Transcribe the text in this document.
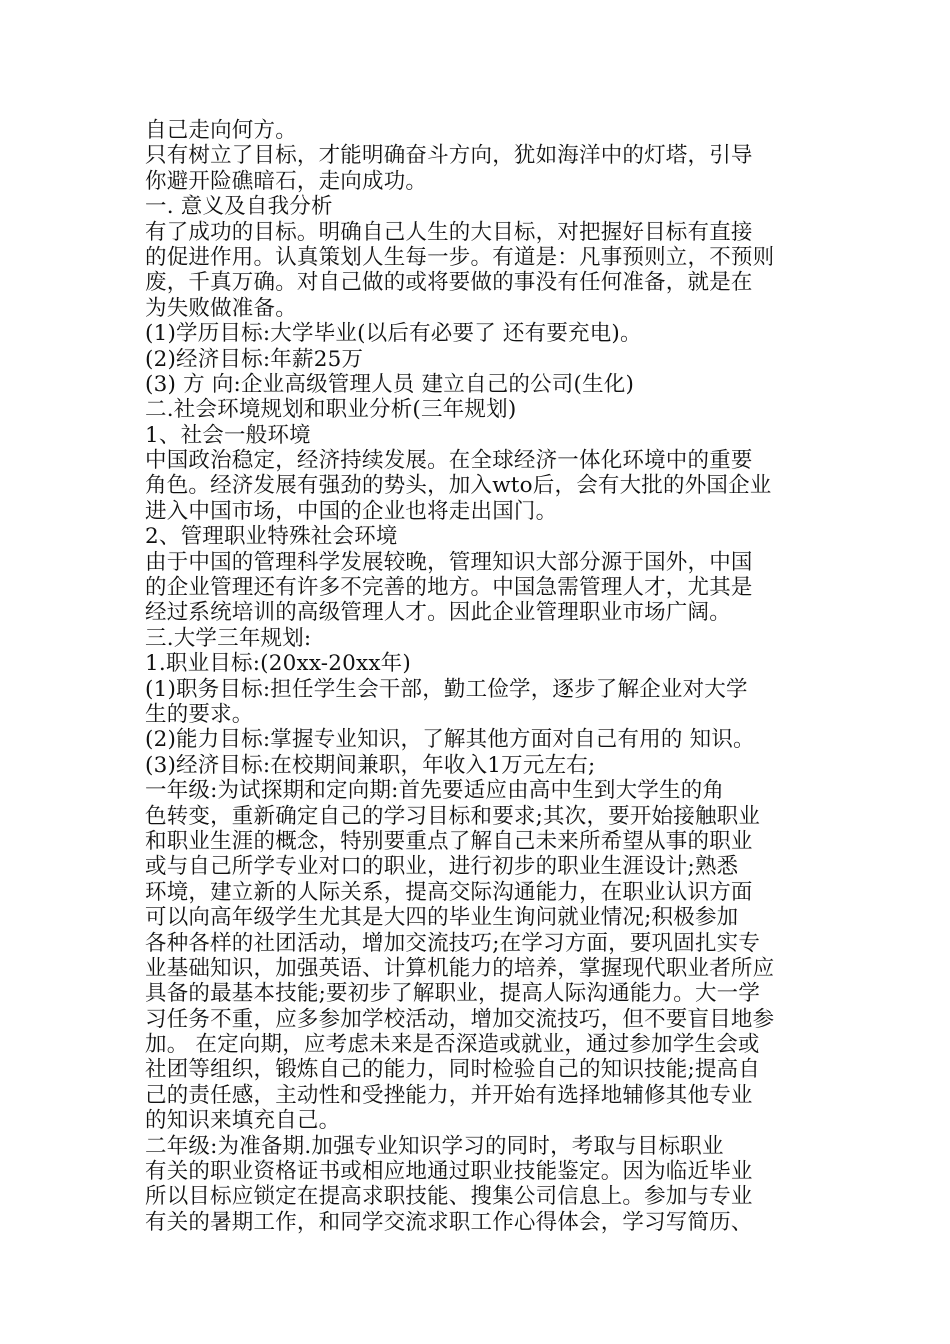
自己走向何方。
只有树立了目标，才能明确奋斗方向，犹如海洋中的灯塔，引导
你避开险礁暗石，走向成功。
一. 意义及自我分析
有了成功的目标。明确自己人生的大目标，对把握好目标有直接
的促进作用。认真策划人生每一步。有道是：凡事预则立，不预则
废，千真万确。对自己做的或将要做的事没有任何准备，就是在
为失败做准备。
(1)学历目标:大学毕业(以后有必要了 还有要充电)。
(2)经济目标:年薪25万
(3) 方 向:企业高级管理人员 建立自己的公司(生化)
二.社会环境规划和职业分析(三年规划)
1、社会一般环境
中国政治稳定，经济持续发展。在全球经济一体化环境中的重要
角色。经济发展有强劲的势头，加入wto后，会有大批的外国企业
进入中国市场，中国的企业也将走出国门。
2、管理职业特殊社会环境
由于中国的管理科学发展较晚，管理知识大部分源于国外，中国
的企业管理还有许多不完善的地方。中国急需管理人才，尤其是
经过系统培训的高级管理人才。因此企业管理职业市场广阔。
三.大学三年规划:
1.职业目标:(20xx-20xx年)
(1)职务目标:担任学生会干部，勤工俭学，逐步了解企业对大学
生的要求。
(2)能力目标:掌握专业知识，了解其他方面对自己有用的 知识。
(3)经济目标:在校期间兼职，年收入1万元左右;
一年级:为试探期和定向期:首先要适应由高中生到大学生的角
色转变，重新确定自己的学习目标和要求;其次，要开始接触职业
和职业生涯的概念，特别要重点了解自己未来所希望从事的职业
或与自己所学专业对口的职业，进行初步的职业生涯设计;熟悉
环境，建立新的人际关系，提高交际沟通能力，在职业认识方面
可以向高年级学生尤其是大四的毕业生询问就业情况;积极参加
各种各样的社团活动，增加交流技巧;在学习方面，要巩固扎实专
业基础知识，加强英语、计算机能力的培养，掌握现代职业者所应
具备的最基本技能;要初步了解职业，提高人际沟通能力。大一学
习任务不重，应多参加学校活动，增加交流技巧，但不要盲目地参
加。 在定向期，应考虑未来是否深造或就业，通过参加学生会或
社团等组织，锻炼自己的能力，同时检验自己的知识技能;提高自
己的责任感，主动性和受挫能力，并开始有选择地辅修其他专业
的知识来填充自己。
二年级:为准备期.加强专业知识学习的同时，考取与目标职业
有关的职业资格证书或相应地通过职业技能鉴定。因为临近毕业
所以目标应锁定在提高求职技能、搜集公司信息上。参加与专业
有关的暑期工作，和同学交流求职工作心得体会，学习写简历、
